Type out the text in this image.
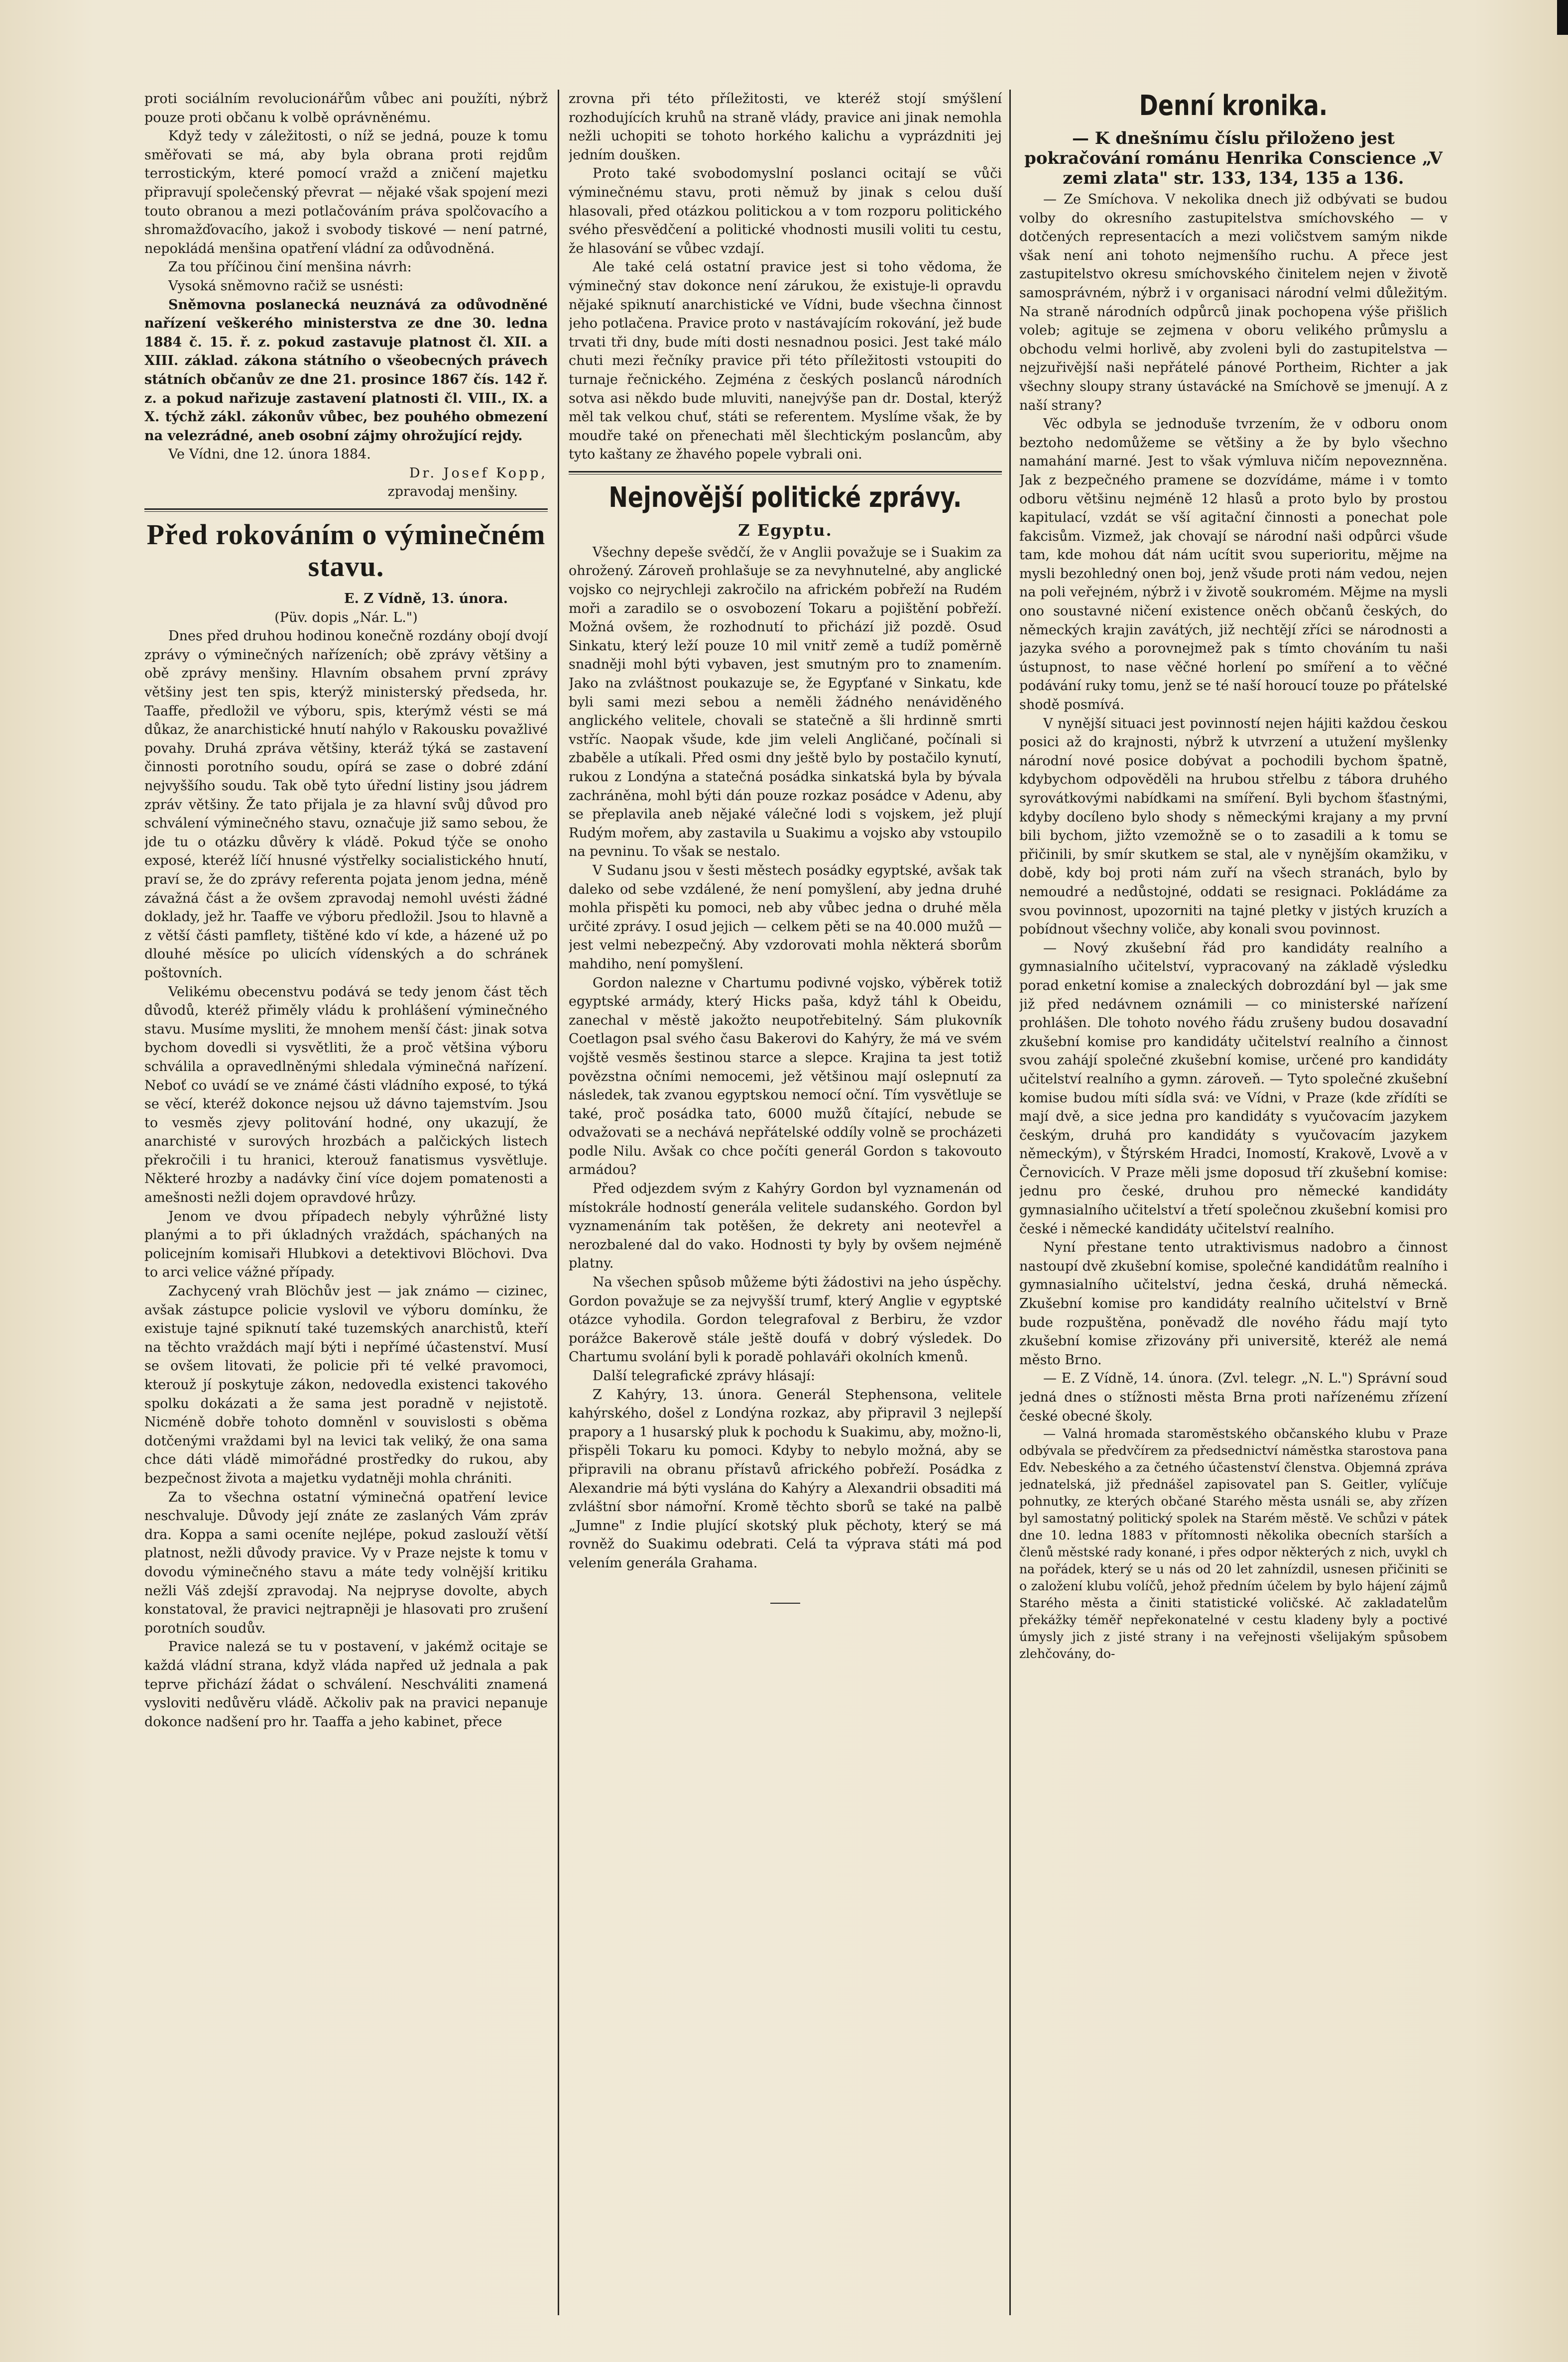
proti sociálním revolucionářům vůbec ani použíti, nýbrž pouze proti občanu k volbě oprávněnému.

Když tedy v záležitosti, o níž se jedná, pouze k tomu směřovati se má, aby byla obrana proti rejdům terrostickým, které pomocí vražd a zničení majetku připravují společenský převrat — nějaké však spojení mezi touto obranou a mezi potlačováním práva spolčovacího a shromažďovacího, jakož i svobody tiskové — není patrné, nepokládá menšina opatření vládní za odůvodněná.

Za tou příčinou činí menšina návrh:

Vysoká sněmovno račiž se usnésti:

Sněmovna poslanecká neuznává za odůvodněné nařízení veškerého ministerstva ze dne 30. ledna 1884 č. 15. ř. z. pokud zastavuje platnost čl. XII. a XIII. základ. zákona státního o všeobecných právech státních občanův ze dne 21. prosince 1867 čís. 142 ř. z. a pokud nařizuje zastavení platnosti čl. VIII., IX. a X. týchž zákl. zákonův vůbec, bez pouhého obmezení na velezrádné, aneb osobní zájmy ohrožující rejdy.

Ve Vídni, dne 12. února 1884.

Dr. Josef Kopp,

zpravodaj menšiny.

Před rokováním o výminečném stavu.

E. Z Vídně, 13. února.

(Püv. dopis „Nár. L.")

Dnes před druhou hodinou konečně rozdány obojí dvojí zprávy o výminečných nařízeních; obě zprávy většiny a obě zprávy menšiny. Hlavním obsahem první zprávy většiny jest ten spis, kterýž ministerský předseda, hr. Taaffe, předložil ve výboru, spis, kterýmž vésti se má důkaz, že anarchistické hnutí nahýlo v Rakousku považlivé povahy. Druhá zpráva většiny, kteráž týká se zastavení činnosti porotního soudu, opírá se zase o dobré zdání nejvyššího soudu. Tak obě tyto úřední listiny jsou jádrem zpráv většiny. Že tato přijala je za hlavní svůj důvod pro schválení výminečného stavu, označuje již samo sebou, že jde tu o otázku důvěry k vládě. Pokud týče se onoho exposé, kteréž líčí hnusné výstřelky socialistického hnutí, praví se, že do zprávy referenta pojata jenom jedna, méně závažná část a že ovšem zpravodaj nemohl uvésti žádné doklady, jež hr. Taaffe ve výboru předložil. Jsou to hlavně a z větší části pamflety, tištěné kdo ví kde, a házené už po dlouhé měsíce po ulicích vídenských a do schránek poštovních.

Velikému obecenstvu podává se tedy jenom část těch důvodů, kteréž přiměly vládu k prohlášení výminečného stavu. Musíme mysliti, že mnohem menší část: jinak sotva bychom dovedli si vysvětliti, že a proč většina výboru schválila a opravedlněnými shledala výminečná nařízení. Neboť co uvádí se ve známé části vládního exposé, to týká se věcí, kteréž dokonce nejsou už dávno tajemstvím. Jsou to vesměs zjevy politování hodné, ony ukazují, že anarchisté v surových hrozbách a palčických listech překročili i tu hranici, kterouž fanatismus vysvětluje. Některé hrozby a nadávky činí více dojem pomatenosti a amešnosti nežli dojem opravdové hrůzy.

Jenom ve dvou případech nebyly výhrůžné listy planými a to při úkladných vraždách, spáchaných na policejním komisaři Hlubkovi a detektivovi Blöchovi. Dva to arci velice vážné případy.

Zachycený vrah Blöchův jest — jak známo — cizinec, avšak zástupce policie vyslovil ve výboru domínku, že existuje tajné spiknutí také tuzemských anarchistů, kteří na těchto vraždách mají býti i nepřímé účastenství. Musí se ovšem litovati, že policie při té velké pravomoci, kterouž jí poskytuje zákon, nedovedla existenci takového spolku dokázati a že sama jest poradně v nejistotě. Nicméně dobře tohoto domněnl v souvislosti s oběma dotčenými vraždami byl na levici tak veliký, že ona sama chce dáti vládě mimořádné prostředky do rukou, aby bezpečnost života a majetku vydatněji mohla chrániti.

Za to všechna ostatní výminečná opatření levice neschvaluje. Důvody její znáte ze zaslaných Vám zpráv dra. Koppa a sami oceníte nejlépe, pokud zaslouží větší platnost, nežli důvody pravice. Vy v Praze nejste k tomu v dovodu výminečného stavu a máte tedy volnější kritiku nežli Váš zdejší zpravodaj. Na nejpryse dovolte, abych konstatoval, že pravici nejtrapněji je hlasovati pro zrušení porotních soudův.

Pravice nalezá se tu v postavení, v jakémž ocitaje se každá vládní strana, když vláda napřed už jednala a pak teprve přichází žádat o schválení. Neschváliti znamená vysloviti nedůvěru vládě. Ačkoliv pak na pravici nepanuje dokonce nadšení pro hr. Taaffa a jeho kabinet, přece

zrovna při této příležitosti, ve kteréž stojí smýšlení rozhodujících kruhů na straně vlády, pravice ani jinak nemohla nežli uchopiti se tohoto horkého kalichu a vyprázdniti jej jedním doušken.

Proto také svobodomyslní poslanci ocitají se vůči výminečnému stavu, proti němuž by jinak s celou duší hlasovali, před otázkou politickou a v tom rozporu politického svého přesvědčení a politické vhodnosti musili voliti tu cestu, že hlasování se vůbec vzdají.

Ale také celá ostatní pravice jest si toho vědoma, že výminečný stav dokonce není zárukou, že existuje-li opravdu nějaké spiknutí anarchistické ve Vídni, bude všechna činnost jeho potlačena. Pravice proto v nastávajícím rokování, jež bude trvati tři dny, bude míti dosti nesnadnou posici. Jest také málo chuti mezi řečníky pravice při této příležitosti vstoupiti do turnaje řečnického. Zejména z českých poslanců národních sotva asi někdo bude mluviti, nanejvýše pan dr. Dostal, kterýž měl tak velkou chuť, státi se referentem. Myslíme však, že by moudře také on přenechati měl šlechtickým poslancům, aby tyto kaštany ze žhavého popele vybrali oni.

Nejnovější politické zprávy.
Z Egyptu.

Všechny depeše svědčí, že v Anglii považuje se i Suakim za ohrožený. Zároveň prohlašuje se za nevyhnutelné, aby anglické vojsko co nejrychleji zakročilo na africkém pobřeží na Rudém moři a zaradilo se o osvobození Tokaru a pojištění pobřeží. Možná ovšem, že rozhodnutí to přichází již pozdě. Osud Sinkatu, který leží pouze 10 mil vnitř země a tudíž poměrně snadněji mohl býti vybaven, jest smutným pro to znamením. Jako na zvláštnost poukazuje se, že Egypťané v Sinkatu, kde byli sami mezi sebou a neměli žádného nenáviděného anglického velitele, chovali se statečně a šli hrdinně smrti vstříc. Naopak všude, kde jim veleli Angličané, počínali si zbaběle a utíkali. Před osmi dny ještě bylo by postačilo kynutí, rukou z Londýna a statečná posádka sinkatská byla by bývala zachráněna, mohl býti dán pouze rozkaz posádce v Adenu, aby se přeplavila aneb nějaké válečné lodi s vojskem, jež plují Rudým mořem, aby zastavila u Suakimu a vojsko aby vstoupilo na pevninu. To však se nestalo.

V Sudanu jsou v šesti městech posádky egyptské, avšak tak daleko od sebe vzdálené, že není pomyšlení, aby jedna druhé mohla přispěti ku pomoci, neb aby vůbec jedna o druhé měla určité zprávy. I osud jejich — celkem pěti se na 40.000 mužů — jest velmi nebezpečný. Aby vzdorovati mohla některá sborům mahdiho, není pomyšlení.

Gordon nalezne v Chartumu podivné vojsko, výběrek totiž egyptské armády, který Hicks paša, když táhl k Obeidu, zanechal v městě jakožto neupotřebitelný. Sám plukovník Coetlagon psal svého času Bakerovi do Kahýry, že má ve svém vojště vesměs šestinou starce a slepce. Krajina ta jest totiž povězstna očními nemocemi, jež většinou mají oslepnutí za následek, tak zvanou egyptskou nemocí oční. Tím vysvětluje se také, proč posádka tato, 6000 mužů čítající, nebude se odvažovati se a nechává nepřátelské oddíly volně se procházeti podle Nilu. Avšak co chce počíti generál Gordon s takovouto armádou?

Před odjezdem svým z Kahýry Gordon byl vyznamenán od místokrále hodností generála velitele sudanského. Gordon byl vyznamenáním tak potěšen, že dekrety ani neotevřel a nerozbalené dal do vako. Hodnosti ty byly by ovšem nejméně platny.

Na všechen spůsob můžeme býti žádostivi na jeho úspěchy. Gordon považuje se za nejvyšší trumf, který Anglie v egyptské otázce vyhodila. Gordon telegrafoval z Berbiru, že vzdor porážce Bakerově stále ještě doufá v dobrý výsledek. Do Chartumu svolání byli k poradě pohlaváři okolních kmenů.

Další telegrafické zprávy hlásají:

Z Kahýry, 13. února. Generál Stephensona, velitele kahýrského, došel z Londýna rozkaz, aby připravil 3 nejlepší prapory a 1 husarský pluk k pochodu k Suakimu, aby, možno-li, přispěli Tokaru ku pomoci. Kdyby to nebylo možná, aby se připravili na obranu přístavů afrického pobřeží. Posádka z Alexandrie má býti vyslána do Kahýry a Alexandrii obsaditi má zvláštní sbor námořní. Kromě těchto sborů se také na palbě „Jumne" z Indie plující skotský pluk pěchoty, který se má rovněž do Suakimu odebrati. Celá ta výprava státi má pod velením generála Grahama.

Denní kronika.
— K dnešnímu číslu přiloženo jest pokračování románu Henrika Conscience „V zemi zlata" str. 133, 134, 135 a 136.

— Ze Smíchova. V nekolika dnech již odbývati se budou volby do okresního zastupitelstva smíchovského — v dotčených representacích a mezi voličstvem samým nikde však není ani tohoto nejmenšího ruchu. A přece jest zastupitelstvo okresu smíchovského činitelem nejen v životě samosprávném, nýbrž i v organisaci národní velmi důležitým. Na straně národních odpůrců jinak pochopena výše přišlich voleb; agituje se zejmena v oboru velikého průmyslu a obchodu velmi horlivě, aby zvoleni byli do zastupitelstva — nejzuřivější naši nepřátelé pánové Portheim, Richter a jak všechny sloupy strany ústavácké na Smíchově se jmenují. A z naší strany?

Věc odbyla se jednoduše tvrzením, že v odboru onom beztoho nedomůžeme se většiny a že by bylo všechno namahání marné. Jest to však výmluva ničím nepoveznněna. Jak z bezpečného pramene se dozvídáme, máme i v tomto odboru většinu nejméně 12 hlasů a proto bylo by prostou kapitulací, vzdát se vší agitační činnosti a ponechat pole fakcisům. Vizmež, jak chovají se národní naši odpůrci všude tam, kde mohou dát nám ucítit svou superioritu, mějme na mysli bezohledný onen boj, jenž všude proti nám vedou, nejen na poli veřejném, nýbrž i v životě soukromém. Mějme na mysli ono soustavné ničení existence oněch občanů českých, do německých krajin zavátých, již nechtějí zříci se národnosti a jazyka svého a porovnejmež pak s tímto chováním tu naši ústupnost, to nase věčné horlení po smíření a to věčné podávání ruky tomu, jenž se té naší horoucí touze po přátelské shodě posmívá.

V nynější situaci jest povinností nejen hájiti každou českou posici až do krajnosti, nýbrž k utvrzení a utužení myšlenky národní nové posice dobývat a pochodili bychom špatně, kdybychom odpověděli na hrubou střelbu z tábora druhého syrovátkovými nabídkami na smíření. Byli bychom šťastnými, kdyby docíleno bylo shody s německými krajany a my první bili bychom, jižto vzemožně se o to zasadili a k tomu se přičinili, by smír skutkem se stal, ale v nynějším okamžiku, v době, kdy boj proti nám zuří na všech stranách, bylo by nemoudré a nedůstojné, oddati se resignaci. Pokládáme za svou povinnost, upozorniti na tajné pletky v jistých kruzích a pobídnout všechny voliče, aby konali svou povinnost.

— Nový zkušební řád pro kandidáty realního a gymnasialního učitelství, vypracovaný na základě výsledku porad enketní komise a znaleckých dobrozdání byl — jak sme již před nedávnem oznámili — co ministerské nařízení prohlášen. Dle tohoto nového řádu zrušeny budou dosavadní zkušební komise pro kandidáty učitelství realního a činnost svou zahájí společné zkušební komise, určené pro kandidáty učitelství realního a gymn. zároveň. — Tyto společné zkušební komise budou míti sídla svá: ve Vídni, v Praze (kde zřídíti se mají dvě, a sice jedna pro kandidáty s vyučovacím jazykem českým, druhá pro kandidáty s vyučovacím jazykem německým), v Štýrském Hradci, Inomostí, Krakově, Lvově a v Černovicích. V Praze měli jsme doposud tří zkušební komise: jednu pro české, druhou pro německé kandidáty gymnasialního učitelství a třetí společnou zkušební komisi pro české i německé kandidáty učitelství realního.

Nyní přestane tento utraktivismus nadobro a činnost nastoupí dvě zkušební komise, společné kandidátům realního i gymnasialního učitelství, jedna česká, druhá německá. Zkušební komise pro kandidáty realního učitelství v Brně bude rozpuštěna, poněvadž dle nového řádu mají tyto zkušební komise zřizovány při universitě, kteréž ale nemá město Brno.

— E. Z Vídně, 14. února. (Zvl. telegr. „N. L.") Správní soud jedná dnes o stížnosti města Brna proti nařízenému zřízení české obecné školy.

— Valná hromada staroměstského občanského klubu v Praze odbývala se předvčírem za předsednictví náměstka starostova pana Edv. Nebeského a za četného účastenství členstva. Objemná zpráva jednatelská, již přednášel zapisovatel pan S. Geitler, vylíčuje pohnutky, ze kterých občané Starého města usnáli se, aby zřízen byl samostatný politický spolek na Starém městě. Ve schůzi v pátek dne 10. ledna 1883 v přítomnosti několika obecních starších a členů městské rady konané, i přes odpor některých z nich, uvykl ch na pořádek, který se u nás od 20 let zahnízdil, usnesen přičiniti se o založení klubu volíčů, jehož předním účelem by bylo hájení zájmů Starého města a činiti statistické voličské. Ač zakladatelům překážky téměř nepřekonatelné v cestu kladeny byly a poctivé úmysly jich z jisté strany i na veřejnosti všelijakým spůsobem zlehčovány, do-
